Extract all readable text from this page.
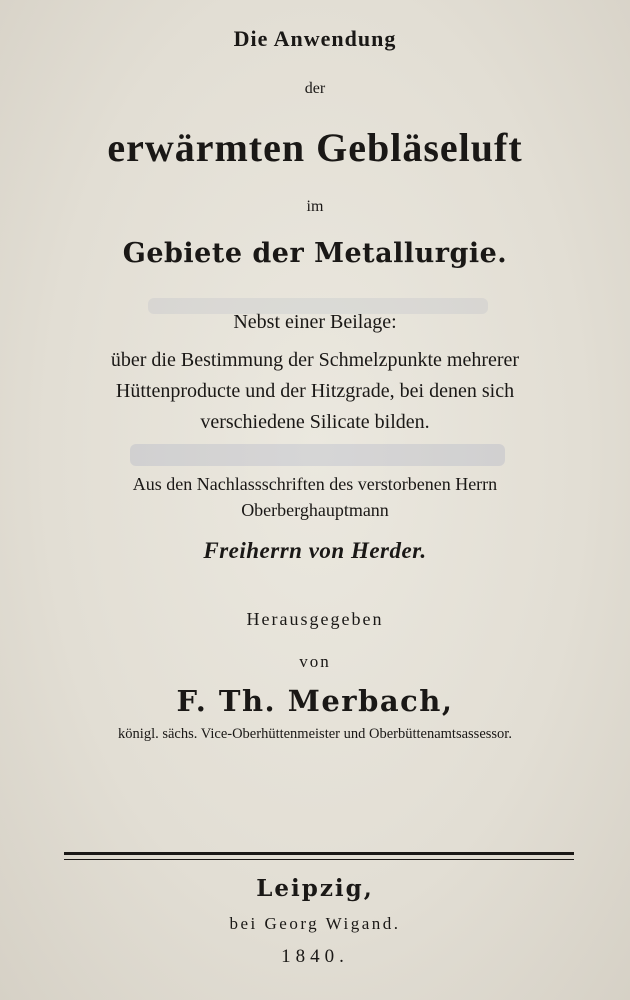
Die Anwendung
der
erwärmten Gebläseluft
im
Gebiete der Metallurgie.
Nebst einer Beilage:
über die Bestimmung der Schmelzpunkte mehrerer
Hüttenproducte und der Hitzgrade, bei denen sich
verschiedene Silicate bilden.
Aus den Nachlassschriften des verstorbenen Herrn
Oberberghauptmann
Freiherrn von Herder.
Herausgegeben
von
F. Th. Merbach,
königl. sächs. Vice-Oberhüttenmeister und Oberbüttenamtsassessor.
Leipzig,
bei Georg Wigand.
1840.
